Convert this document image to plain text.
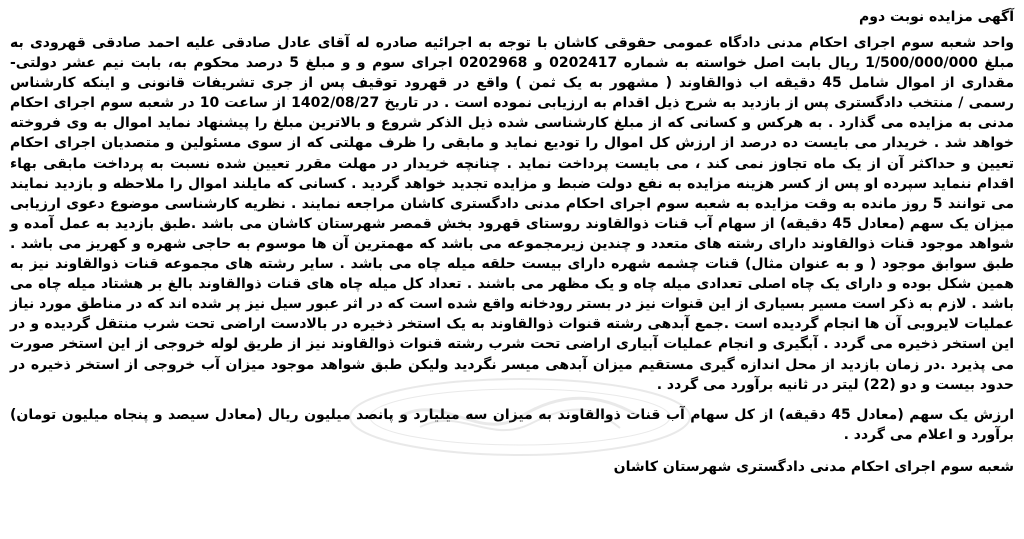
آگهی مزایده نوبت دوم

واحد شعبه سوم اجرای احکام مدنی دادگاه عمومی حقوقی کاشان با توجه به اجرائیه صادره له آقای عادل صادقی علیه احمد صادقی قهرودی به مبلغ 1/500/000/000 ریال بابت اصل خواسته به شماره 0202417 و 0202968 اجرای سوم و و مبلغ 5 درصد محکوم به، بابت نیم عشر دولتی- مقداری از اموال شامل 45 دقیقه اب ذوالقاوند ( مشهور به یک ثمن ) واقع در قهرود توقیف پس از جری تشریفات قانونی و اینکه کارشناس رسمی / منتخب دادگستری پس از بازدید به شرح ذیل اقدام به ارزیابی نموده است . در تاریخ 1402/08/27 از ساعت 10 در شعبه سوم اجرای احکام مدنی به مزایده می گذارد . به هرکس و کسانی که از مبلغ کارشناسی شده ذیل الذکر شروع و بالاترین مبلغ را پیشنهاد نماید اموال به وی فروخته خواهد شد . خریدار می بایست ده درصد از ارزش کل اموال را تودیع نماید و مابقی را ظرف مهلتی که از سوی مسئولین و متصدیان اجرای احکام تعیین و حداکثر آن از یک ماه تجاوز نمی کند ، می بایست پرداخت نماید . چنانچه خریدار در مهلت مقرر تعیین شده نسبت به پرداخت مابقی بهاء اقدام ننماید سپرده او پس از کسر هزینه مزایده به نفع دولت ضبط و مزایده تجدید خواهد گردید . کسانی که مایلند اموال را ملاحظه و بازدید نمایند می توانند 5 روز مانده به وقت مزایده به شعبه سوم اجرای احکام مدنی دادگستری کاشان مراجعه نمایند . نظریه کارشناسی موضوع دعوی ارزیابی میزان یک سهم (معادل 45 دقیقه) از سهام آب قنات ذوالقاوند روستای قهرود بخش قمصر شهرستان کاشان می باشد .طبق بازدید به عمل آمده و شواهد موجود قنات ذوالقاوند دارای رشته های متعدد و چندین زیرمجموعه می باشد که مهمترین آن ها موسوم به حاجی شهره و کهریز می باشد . طبق سوابق موجود ( و به عنوان مثال) قنات چشمه شهره دارای بیست حلقه میله چاه می باشد . سایر رشته های مجموعه قنات ذوالقاوند نیز به همین شکل بوده و دارای یک چاه اصلی تعدادی میله چاه و یک مظهر می باشند . تعداد کل میله چاه های قنات ذوالقاوند بالغ بر هشتاد میله چاه می باشد . لازم به ذکر است مسیر بسیاری از این قنوات نیز در بستر رودخانه واقع شده است که در اثر عبور سیل نیز پر شده اند که در مناطق مورد نیاز عملیات لایروبی آن ها انجام گردیده است .جمع آبدهی رشته قنوات ذوالقاوند به یک استخر ذخیره در بالادست اراضی تحت شرب منتقل گردیده و در این استخر ذخیره می گردد . آبگیری و انجام عملیات آبیاری اراضی تحت شرب رشته قنوات ذوالقاوند نیز از طریق لوله خروجی از این استخر صورت می پذیرد .در زمان بازدید از محل اندازه گیری مستقیم میزان آبدهی میسر نگردید ولیکن طبق شواهد موجود میزان آب خروجی از استخر ذخیره در حدود بیست و دو (22) لیتر در ثانیه برآورد می گردد .

ارزش یک سهم (معادل 45 دقیقه) از کل سهام آب قنات ذوالقاوند به میزان سه میلیارد و پانصد میلیون ریال (معادل سیصد و پنجاه میلیون تومان) برآورد و اعلام می گردد .

شعبه سوم اجرای احکام مدنی دادگستری شهرستان کاشان
